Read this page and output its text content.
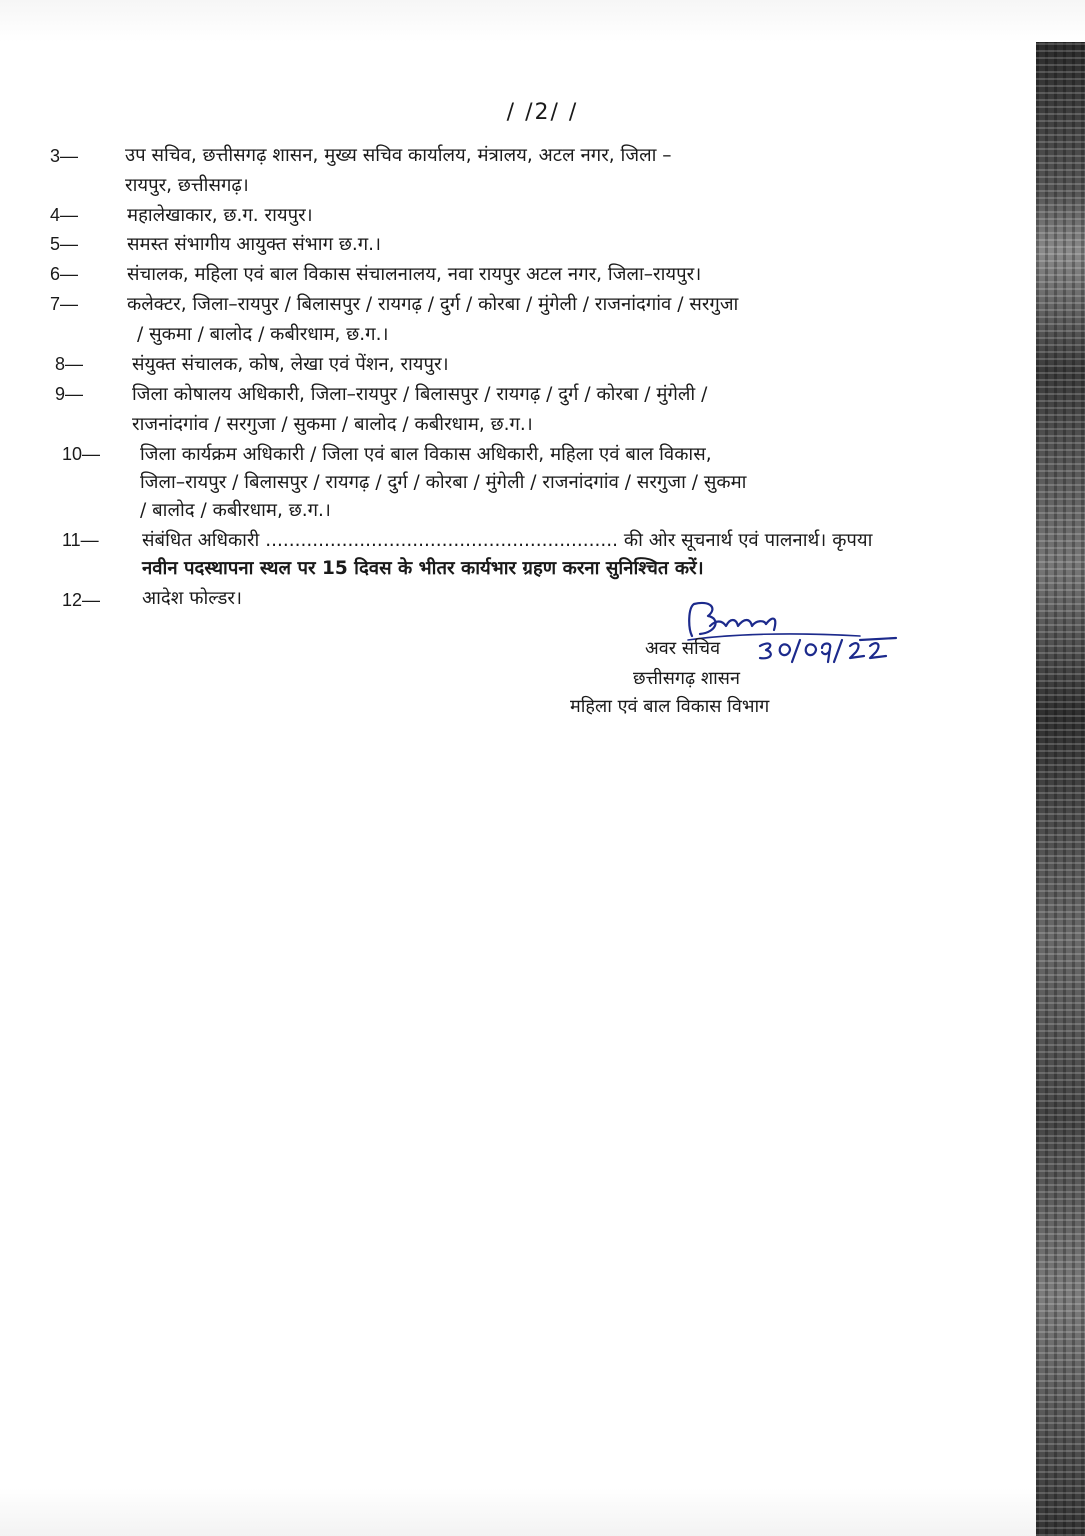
/ /2/ /
3—	उप सचिव, छत्तीसगढ़ शासन, मुख्य सचिव कार्यालय, मंत्रालय, अटल नगर, जिला –
रायपुर, छत्तीसगढ़।
4—	महालेखाकार, छ.ग. रायपुर।
5—	समस्त संभागीय आयुक्त संभाग छ.ग.।
6—	संचालक, महिला एवं बाल विकास संचालनालय, नवा रायपुर अटल नगर, जिला–रायपुर।
7—	कलेक्टर, जिला–रायपुर / बिलासपुर / रायगढ़ / दुर्ग / कोरबा / मुंगेली / राजनांदगांव / सरगुजा
/ सुकमा / बालोद / कबीरधाम, छ.ग.।
8—	संयुक्त संचालक, कोष, लेखा एवं पेंशन, रायपुर।
9—	जिला कोषालय अधिकारी, जिला–रायपुर / बिलासपुर / रायगढ़ / दुर्ग / कोरबा / मुंगेली /
राजनांदगांव / सरगुजा / सुकमा / बालोद / कबीरधाम, छ.ग.।
10— जिला कार्यक्रम अधिकारी / जिला एवं बाल विकास अधिकारी, महिला एवं बाल विकास,
जिला–रायपुर / बिलासपुर / रायगढ़ / दुर्ग / कोरबा / मुंगेली / राजनांदगांव / सरगुजा / सुकमा
/ बालोद / कबीरधाम, छ.ग.।
11— संबंधित अधिकारी ............................................................ की ओर सूचनार्थ एवं पालनार्थ। कृपया
नवीन पदस्थापना स्थल पर 15 दिवस के भीतर कार्यभार ग्रहण करना सुनिश्चित करें।
12— आदेश फोल्डर।
अवर सचिव
छत्तीसगढ़ शासन
महिला एवं बाल विकास विभाग
